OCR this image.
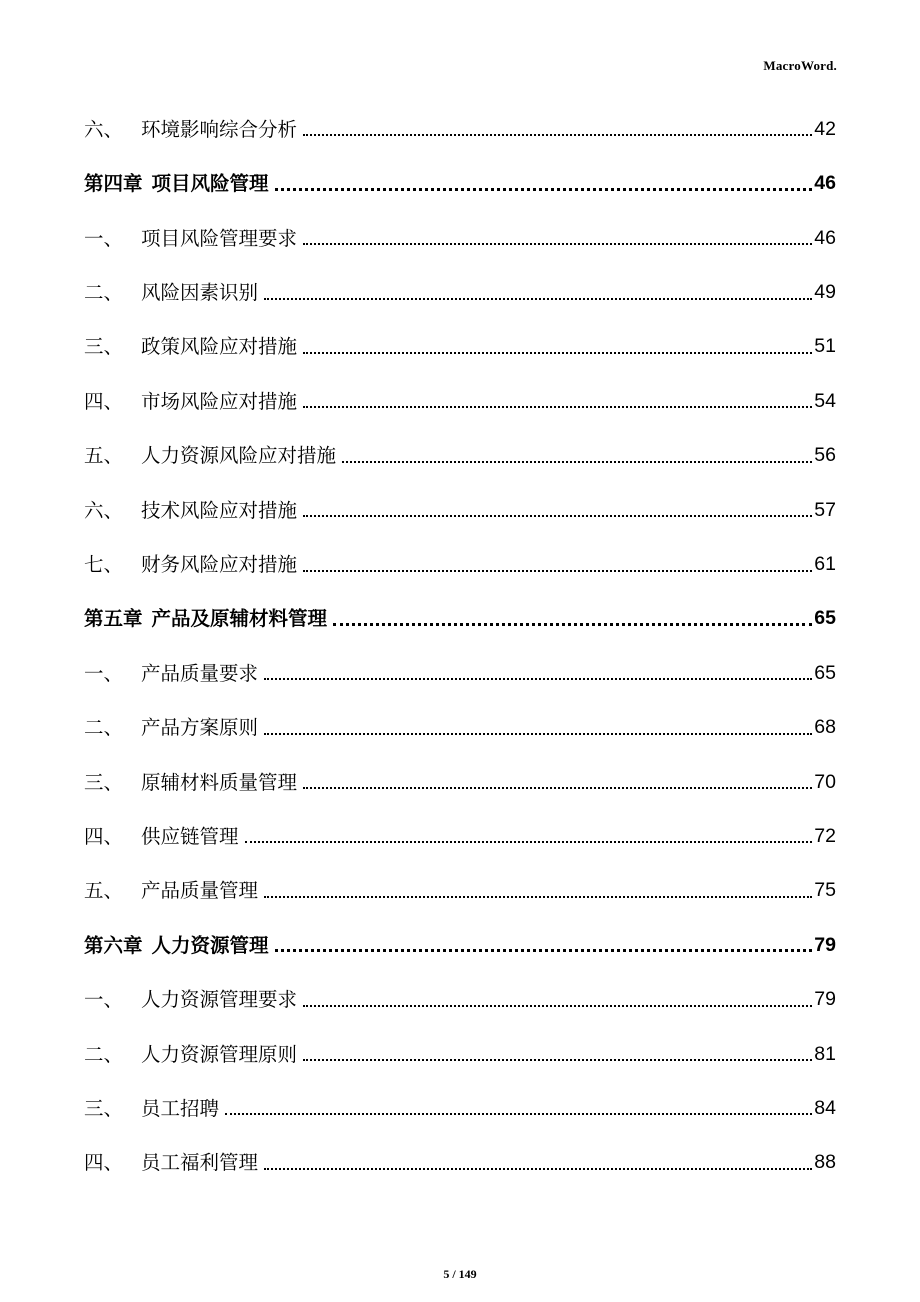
MacroWord.
六、 环境影响综合分析	42
第四章 项目风险管理	46
一、 项目风险管理要求	46
二、 风险因素识别	49
三、 政策风险应对措施	51
四、 市场风险应对措施	54
五、 人力资源风险应对措施	56
六、 技术风险应对措施	57
七、 财务风险应对措施	61
第五章 产品及原辅材料管理	65
一、 产品质量要求	65
二、 产品方案原则	68
三、 原辅材料质量管理	70
四、 供应链管理	72
五、 产品质量管理	75
第六章 人力资源管理	79
一、 人力资源管理要求	79
二、 人力资源管理原则	81
三、 员工招聘	84
四、 员工福利管理	88
5 / 149
